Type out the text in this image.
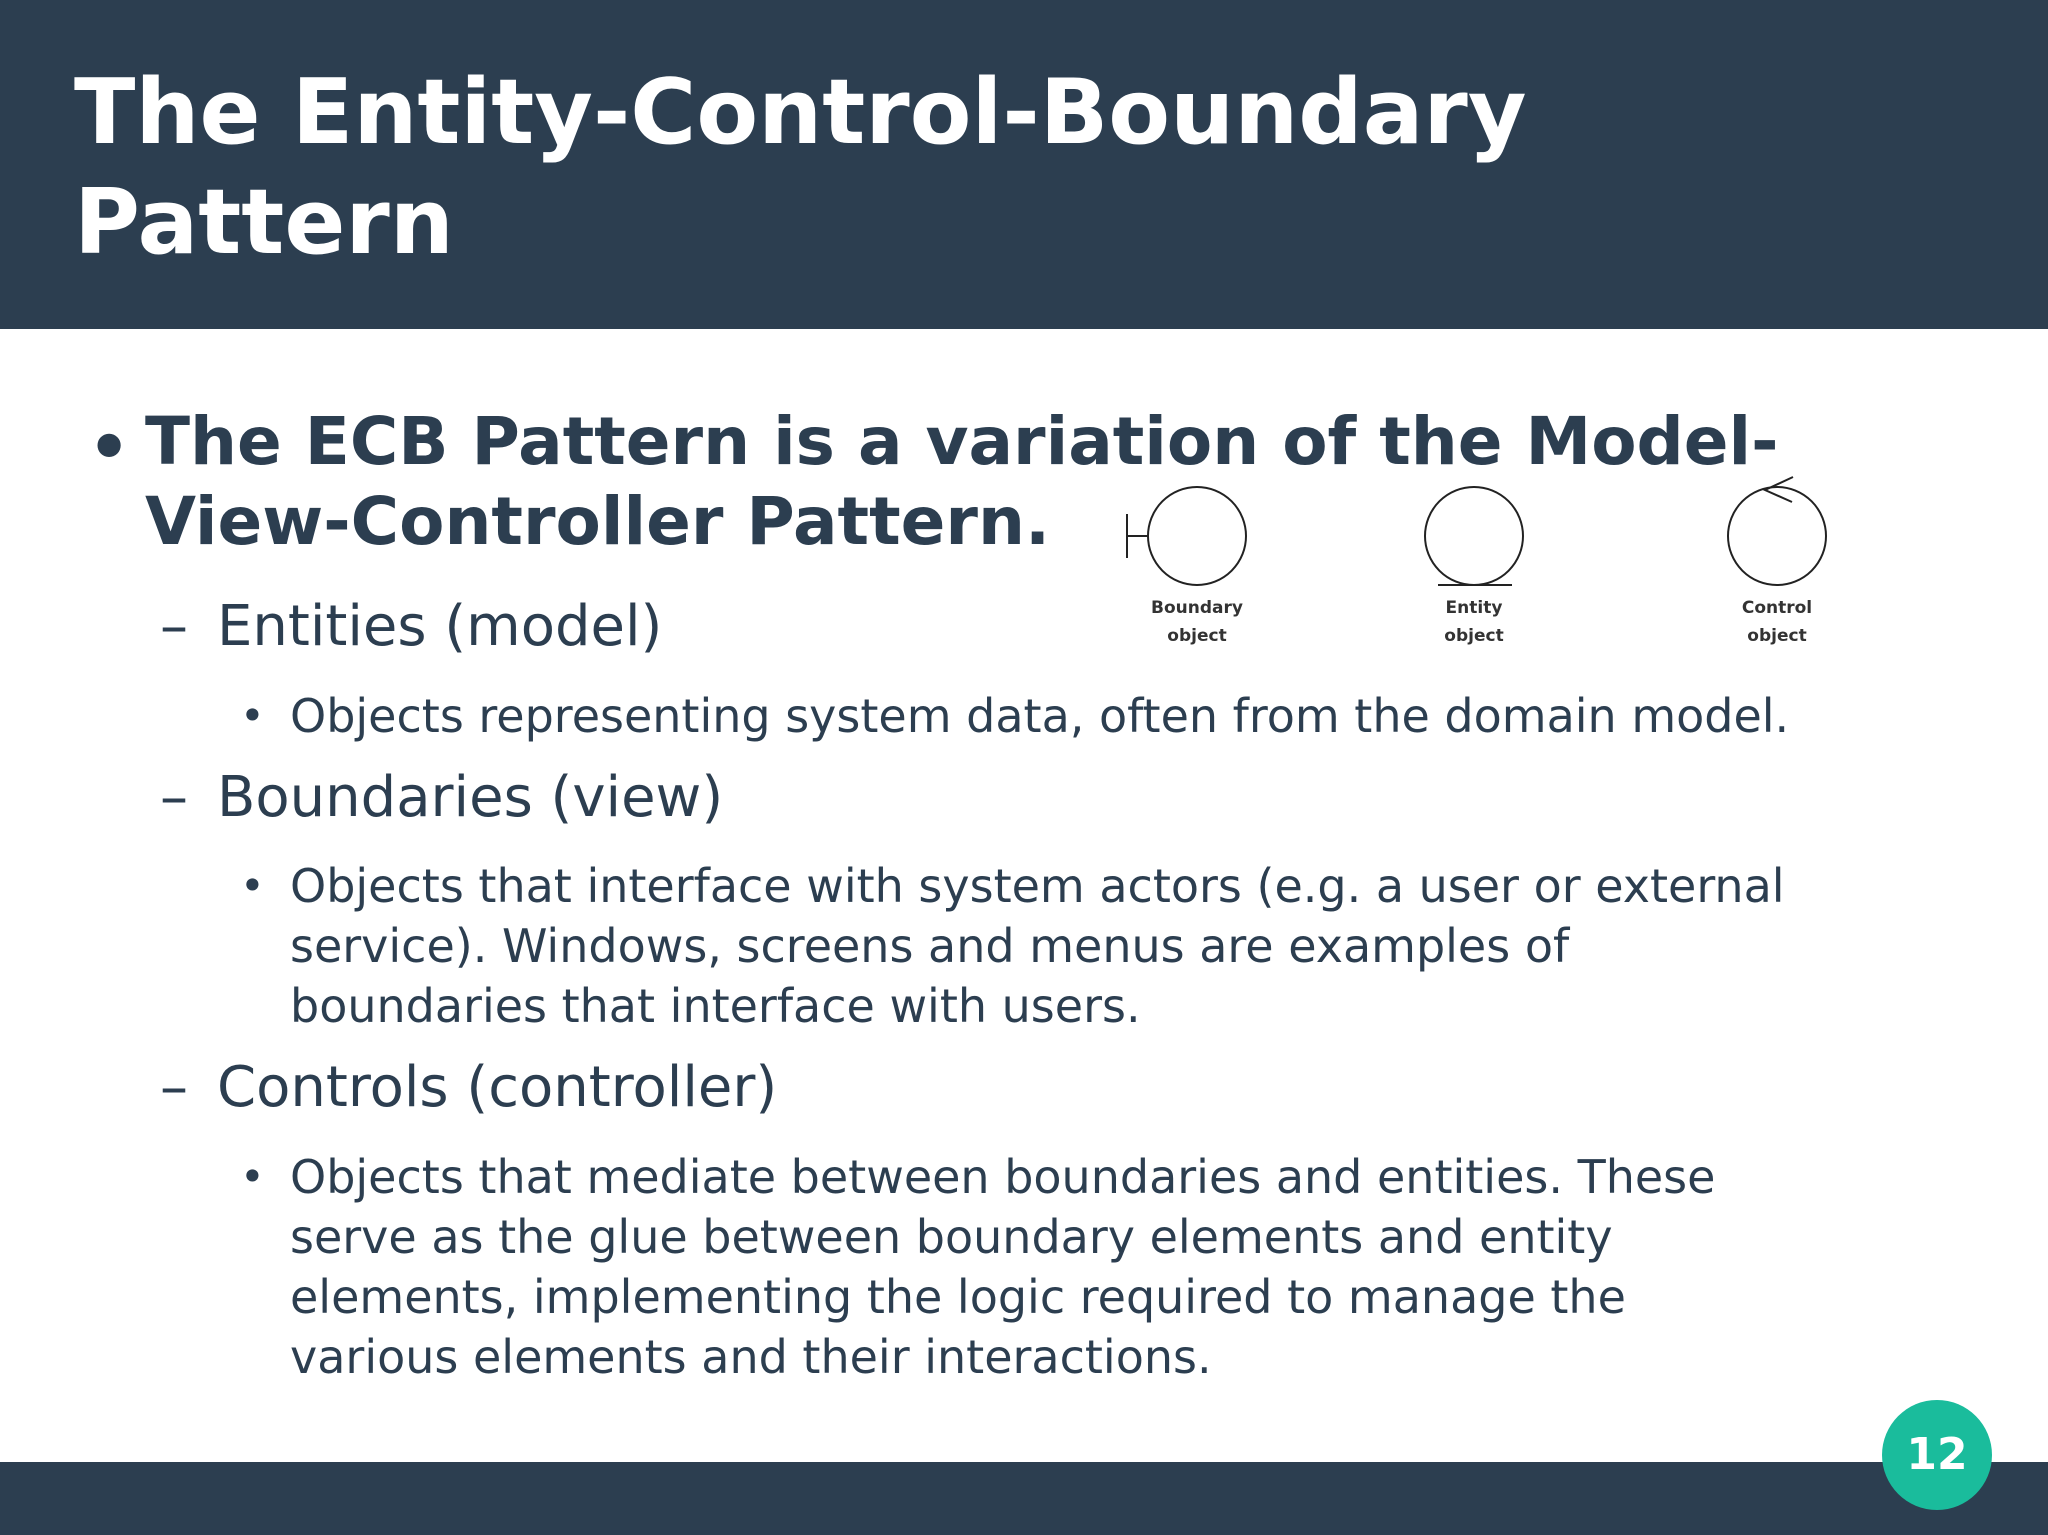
The Entity-Control-Boundary
Pattern
• The ECB Pattern is a variation of the Model-
View-Controller Pattern.

– Entities (model)

• Objects representing system data, often from the domain model.

– Boundaries (view)

• Objects that interface with system actors (e.g. a user or external
service). Windows, screens and menus are examples of
boundaries that interface with users.

– Controls (controller)

• Objects that mediate between boundaries and entities. These
serve as the glue between boundary elements and entity
elements, implementing the logic required to manage the
various elements and their interactions.

Boundary
object
Entity
object
Control
object
12
